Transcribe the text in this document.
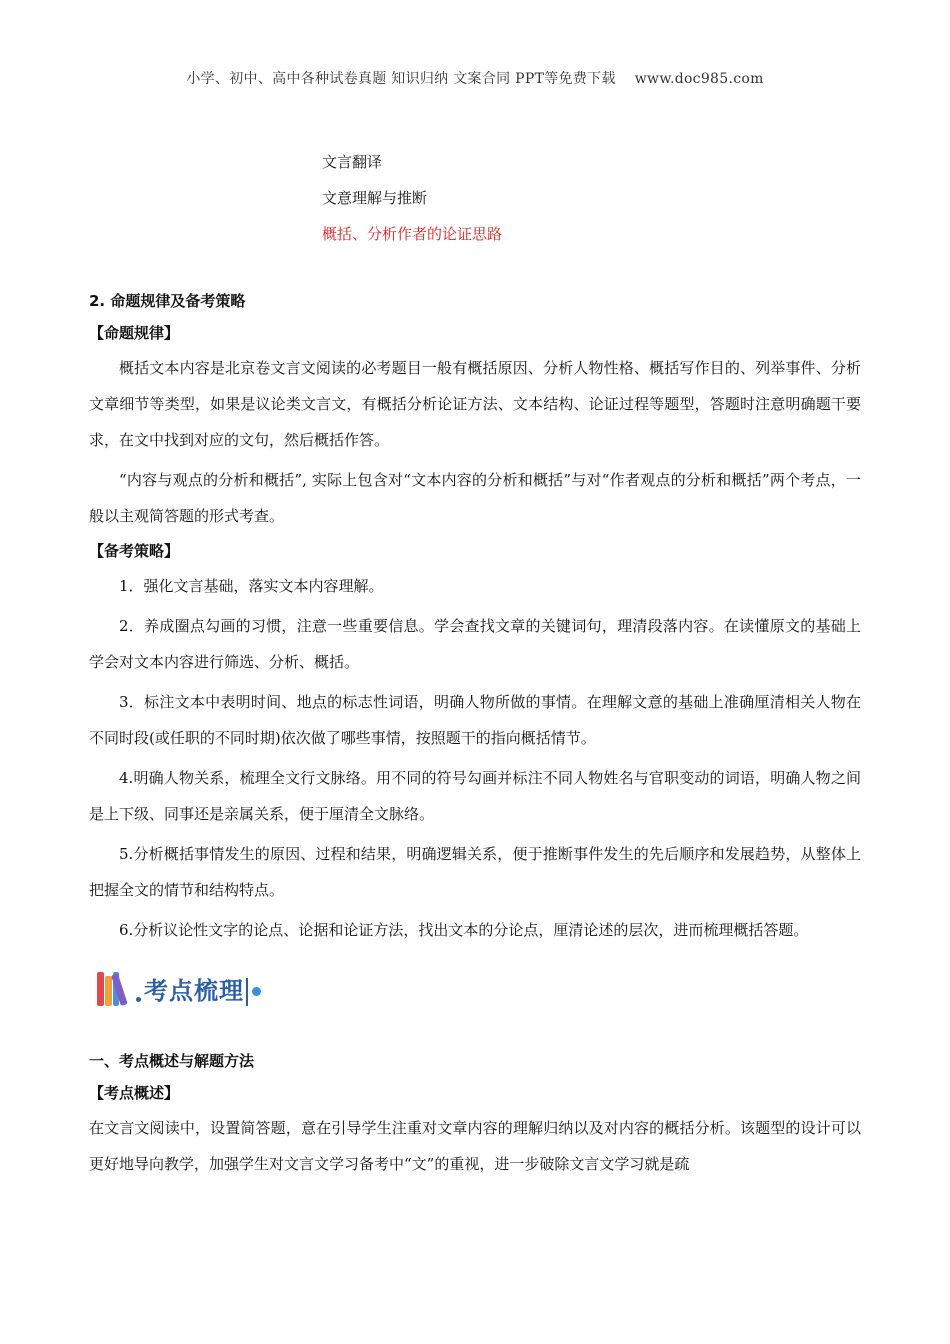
小学、初中、高中各种试卷真题 知识归纳 文案合同 PPT等免费下载    www.doc985.com
文言翻译
文意理解与推断
概括、分析作者的论证思路
2. 命题规律及备考策略
【命题规律】

概括文本内容是北京卷文言文阅读的必考题目一般有概括原因、分析人物性格、概括写作目的、列举事件、分析文章细节等类型，如果是议论类文言文，有概括分析论证方法、文本结构、论证过程等题型，答题时注意明确题干要求，在文中找到对应的文句，然后概括作答。

“内容与观点的分析和概括”, 实际上包含对“文本内容的分析和概括”与对“作者观点的分析和概括”两个考点，一般以主观简答题的形式考查。

【备考策略】

1．强化文言基础，落实文本内容理解。

2．养成圈点勾画的习惯，注意一些重要信息。学会查找文章的关键词句，理清段落内容。在读懂原文的基础上学会对文本内容进行筛选、分析、概括。

3．标注文本中表明时间、地点的标志性词语，明确人物所做的事情。在理解文意的基础上准确厘清相关人物在不同时段(或任职的不同时期)依次做了哪些事情，按照题干的指向概括情节。

4.明确人物关系，梳理全文行文脉络。用不同的符号勾画并标注不同人物姓名与官职变动的词语，明确人物之间是上下级、同事还是亲属关系，便于厘清全文脉络。

5.分析概括事情发生的原因、过程和结果，明确逻辑关系，便于推断事件发生的先后顺序和发展趋势，从整体上把握全文的情节和结构特点。

6.分析议论性文字的论点、论据和论证方法，找出文本的分论点，厘清论述的层次，进而梳理概括答题。

考点梳理
一、考点概述与解题方法
【考点概述】

在文言文阅读中，设置简答题，意在引导学生注重对文章内容的理解归纳以及对内容的概括分析。该题型的设计可以更好地导向教学，加强学生对文言文学习备考中“文”的重视，进一步破除文言文学习就是疏
